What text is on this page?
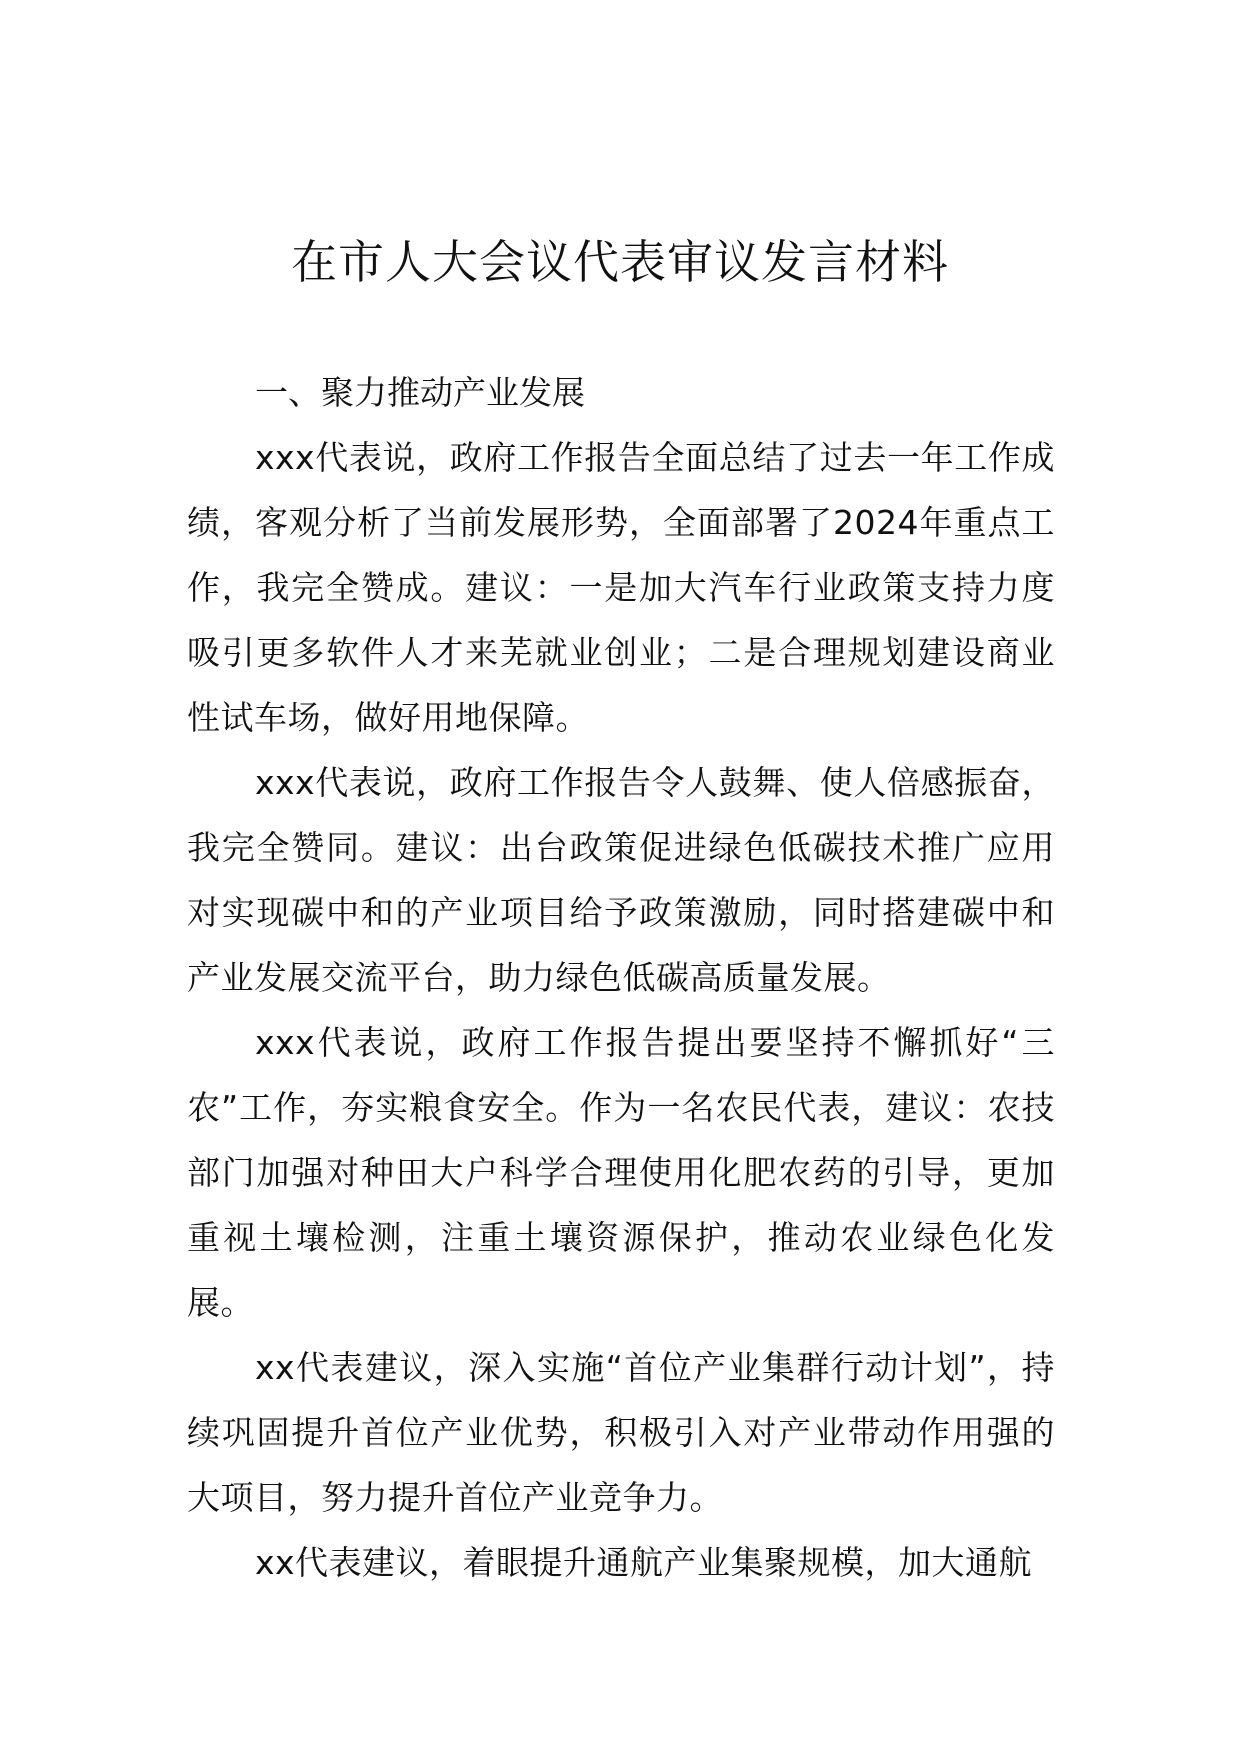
在市人大会议代表审议发言材料

一、聚力推动产业发展

xxx代表说，政府工作报告全面总结了过去一年工作成绩，客观分析了当前发展形势，全面部署了2024年重点工作，我完全赞成。建议：一是加大汽车行业政策支持力度吸引更多软件人才来芜就业创业；二是合理规划建设商业性试车场，做好用地保障。

xxx代表说，政府工作报告令人鼓舞、使人倍感振奋，我完全赞同。建议：出台政策促进绿色低碳技术推广应用对实现碳中和的产业项目给予政策激励，同时搭建碳中和产业发展交流平台，助力绿色低碳高质量发展。

xxx代表说，政府工作报告提出要坚持不懈抓好“三农”工作，夯实粮食安全。作为一名农民代表，建议：农技部门加强对种田大户科学合理使用化肥农药的引导，更加重视土壤检测，注重土壤资源保护，推动农业绿色化发展。

xx代表建议，深入实施“首位产业集群行动计划”，持续巩固提升首位产业优势，积极引入对产业带动作用强的大项目，努力提升首位产业竞争力。

xx代表建议，着眼提升通航产业集聚规模，加大通航
